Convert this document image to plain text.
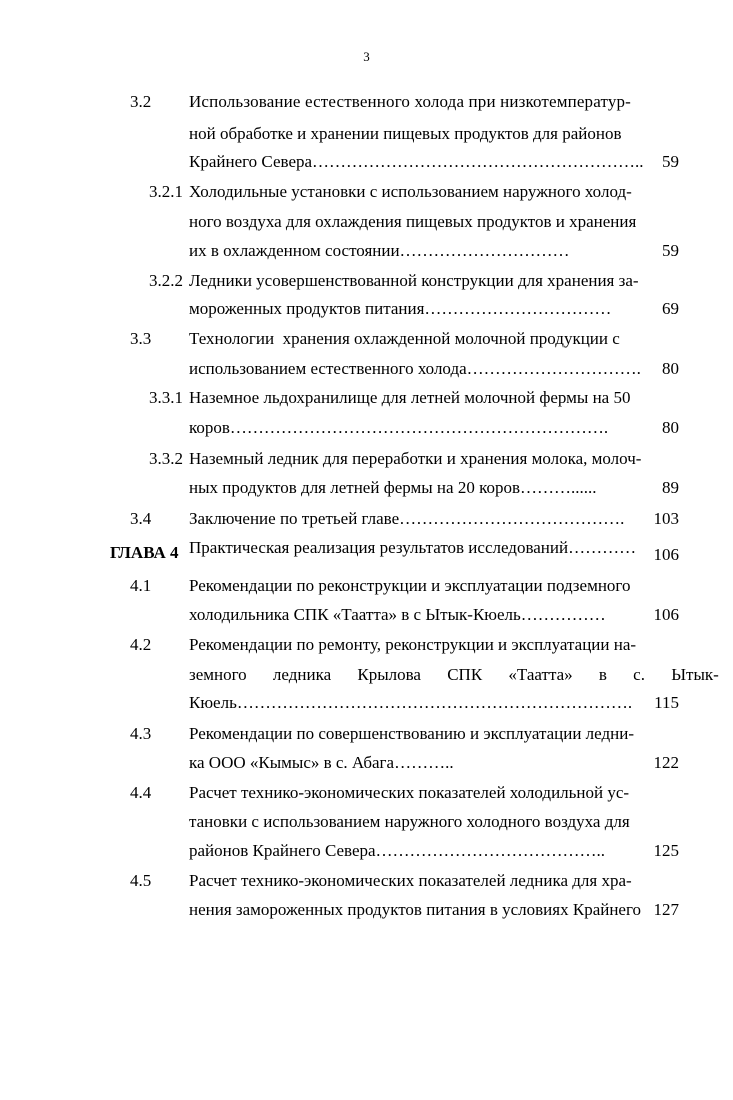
3
3.2 Использование естественного холода при низкотемператур-
ной обработке и хранении пищевых продуктов для районов
Крайнего Севера…………………………………………………..	59
3.2.1 Холодильные установки с использованием наружного холод-
ного воздуха для охлаждения пищевых продуктов и хранения
их в охлажденном состоянии…………………………	59
3.2.2 Ледники усовершенствованной конструкции для хранения за-
мороженных продуктов питания……………………………	69
3.3 Технологии  хранения охлажденной молочной продукции с
использованием естественного холода………………………….	80
3.3.1 Наземное льдохранилище для летней молочной фермы на 50
коров………………………………………………………….	80
3.3.2 Наземный ледник для переработки и хранения молока, молоч-
ных продуктов для летней фермы на 20 коров………......	89
3.4 Заключение по третьей главе………………………………….	103
ГЛАВА 4 Практическая реализация результатов исследований…………	106
4.1 Рекомендации по реконструкции и эксплуатации подземного
холодильника СПК «Таатта» в с Ытык-Кюель……………	106
4.2 Рекомендации по ремонту, реконструкции и эксплуатации на-
земного ледника Крылова СПК «Таатта» в с. Ытык-
Кюель…………………………………………………………….	115
4.3 Рекомендации по совершенствованию и эксплуатации ледни-
ка ООО «Кымыс» в с. Абага………..	122
4.4 Расчет технико-экономических показателей холодильной ус-
тановки с использованием наружного холодного воздуха для
районов Крайнего Севера…………………………………..	125
4.5 Расчет технико-экономических показателей ледника для хра-
нения замороженных продуктов питания в условиях Крайнего 127
